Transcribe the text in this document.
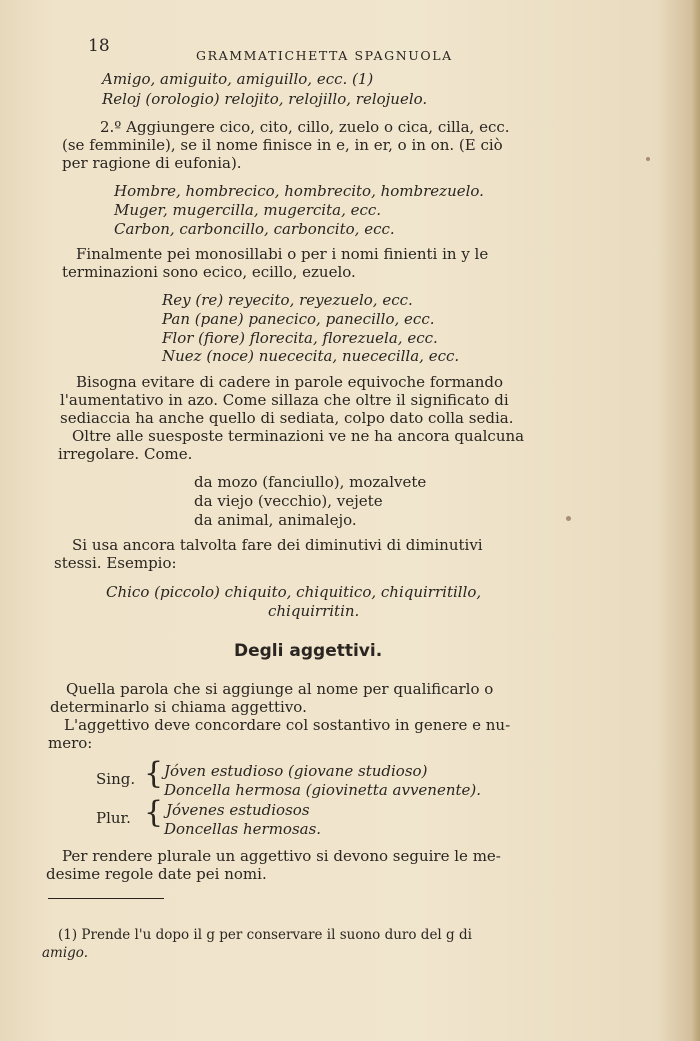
18	GRAMMATICHETTA SPAGNUOLA
Amigo, amiguito, amiguillo, ecc. (1)
Reloj (orologio) relojito, relojillo, relojuelo.
2.º Aggiungere cico, cito, cillo, zuelo o cica, cilla, ecc.
(se femminile), se il nome finisce in e, in er, o in on. (E ciò
per ragione di eufonia).
Hombre, hombrecico, hombrecito, hombrezuelo.
Muger, mugercilla, mugercita, ecc.
Carbon, carboncillo, carboncito, ecc.
Finalmente pei monosillabi o per i nomi finienti in y le
terminazioni sono ecico, ecillo, ezuelo.
Rey (re) reyecito, reyezuelo, ecc.
Pan (pane) panecico, panecillo, ecc.
Flor (fiore) florecita, florezuela, ecc.
Nuez (noce) nuececita, nuececilla, ecc.
Bisogna evitare di cadere in parole equivoche formando
l'aumentativo in azo. Come sillaza che oltre il significato di
sediaccia ha anche quello di sediata, colpo dato colla sedia.
Oltre alle suesposte terminazioni ve ne ha ancora qualcuna
irregolare. Come.
da mozo (fanciullo), mozalvete
da viejo (vecchio), vejete
da animal, animalejo.
Si usa ancora talvolta fare dei diminutivi di diminutivi
stessi. Esempio:
Chico (piccolo) chiquito, chiquitico, chiquirritillo,
chiquirritin.
Degli aggettivi.
Quella parola che si aggiunge al nome per qualificarlo o
determinarlo si chiama aggettivo.
L'aggettivo deve concordare col sostantivo in genere e nu-
mero:
Sing. { Jóven estudioso (giovane studioso)
Doncella hermosa (giovinetta avvenente).
Plur. { Jóvenes estudiosos
Doncellas hermosas.
Per rendere plurale un aggettivo si devono seguire le me-
desime regole date pei nomi.
(1) Prende l'u dopo il g per conservare il suono duro del g di
amigo.
